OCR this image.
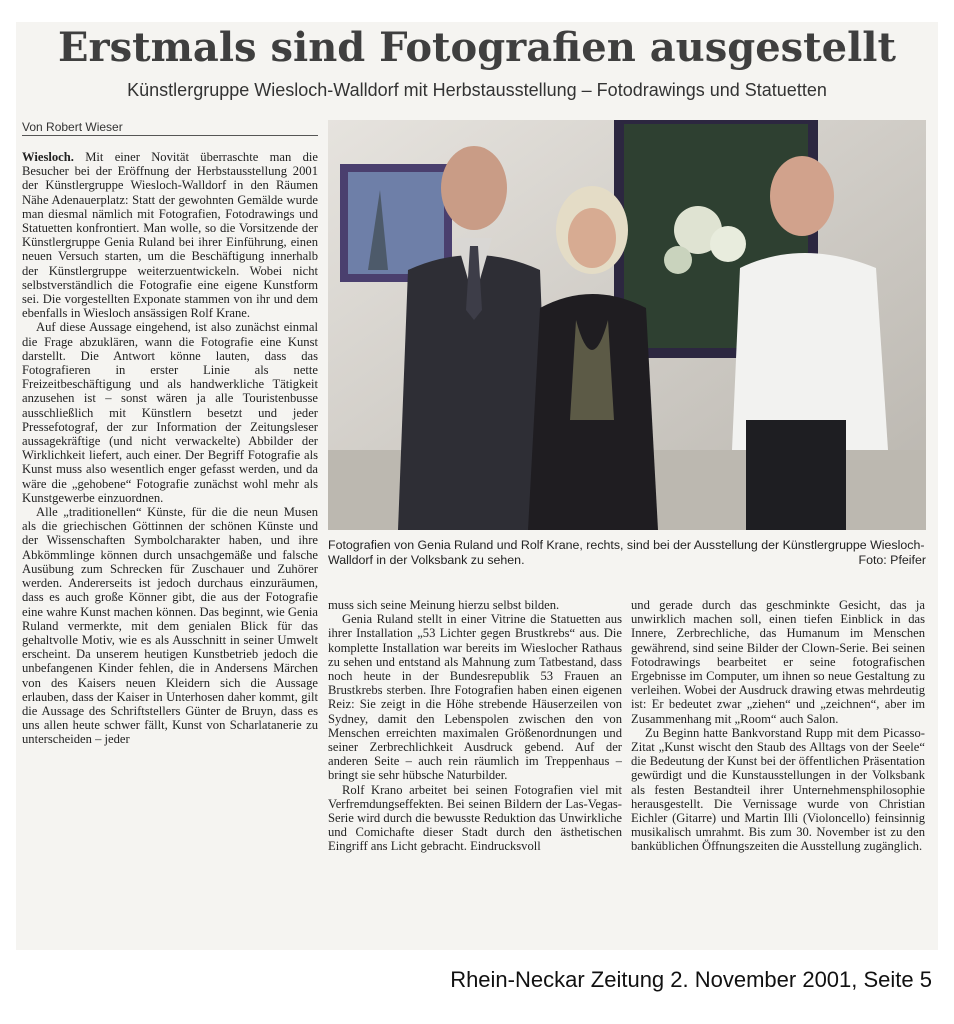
Erstmals sind Fotografien ausgestellt
Künstlergruppe Wiesloch-Walldorf mit Herbstausstellung – Fotodrawings und Statuetten
Von Robert Wieser

Wiesloch. Mit einer Novität überraschte man die Besucher bei der Eröffnung der Herbstausstellung 2001 der Künstlergruppe Wiesloch-Walldorf in den Räumen Nähe Adenauerplatz: Statt der gewohnten Gemälde wurde man diesmal nämlich mit Fotografien, Fotodrawings und Statuetten konfrontiert. Man wolle, so die Vorsitzende der Künstlergruppe Genia Ruland bei ihrer Einführung, einen neuen Versuch starten, um die Beschäftigung innerhalb der Künstlergruppe weiterzuentwickeln. Wobei nicht selbstverständlich die Fotografie eine eigene Kunstform sei. Die vorgestellten Exponate stammen von ihr und dem ebenfalls in Wiesloch ansässigen Rolf Krane.

Auf diese Aussage eingehend, ist also zunächst einmal die Frage abzuklären, wann die Fotografie eine Kunst darstellt. Die Antwort könne lauten, dass das Fotografieren in erster Linie als nette Freizeitbeschäftigung und als handwerkliche Tätigkeit anzusehen ist – sonst wären ja alle Touristenbusse ausschließlich mit Künstlern besetzt und jeder Pressefotograf, der zur Information der Zeitungsleser aussagekräftige (und nicht verwackelte) Abbilder der Wirklichkeit liefert, auch einer. Der Begriff Fotografie als Kunst muss also wesentlich enger gefasst werden, und da wäre die „gehobene“ Fotografie zunächst wohl mehr als Kunstgewerbe einzuordnen.

Alle „traditionellen“ Künste, für die die neun Musen als die griechischen Göttinnen der schönen Künste und der Wissenschaften Symbolcharakter haben, und ihre Abkömmlinge können durch unsachgemäße und falsche Ausübung zum Schrecken für Zuschauer und Zuhörer werden. Andererseits ist jedoch durchaus einzuräumen, dass es auch große Könner gibt, die aus der Fotografie eine wahre Kunst machen können. Das beginnt, wie Genia Ruland vermerkte, mit dem genialen Blick für das gehaltvolle Motiv, wie es als Ausschnitt in seiner Umwelt erscheint. Da unserem heutigen Kunstbetrieb jedoch die unbefangenen Kinder fehlen, die in Andersens Märchen von des Kaisers neuen Kleidern sich die Aussage erlauben, dass der Kaiser in Unterhosen daher kommt, gilt die Aussage des Schriftstellers Günter de Bruyn, dass es uns allen heute schwer fällt, Kunst von Scharlatanerie zu unterscheiden – jeder

Fotografien von Genia Ruland und Rolf Krane, rechts, sind bei der Ausstellung der Künstlergruppe Wiesloch-Walldorf in der Volksbank zu sehen.	Foto: Pfeifer

muss sich seine Meinung hierzu selbst bilden.

Genia Ruland stellt in einer Vitrine die Statuetten aus ihrer Installation „53 Lichter gegen Brustkrebs“ aus. Die komplette Installation war bereits im Wieslocher Rathaus zu sehen und entstand als Mahnung zum Tatbestand, dass noch heute in der Bundesrepublik 53 Frauen an Brustkrebs sterben. Ihre Fotografien haben einen eigenen Reiz: Sie zeigt in die Höhe strebende Häuserzeilen von Sydney, damit den Lebenspolen zwischen den von Menschen erreichten maximalen Größenordnungen und seiner Zerbrechlichkeit Ausdruck gebend. Auf der anderen Seite – auch rein räumlich im Treppenhaus – bringt sie sehr hübsche Naturbilder.

Rolf Krano arbeitet bei seinen Fotografien viel mit Verfremdungseffekten. Bei seinen Bildern der Las-Vegas-Serie wird durch die bewusste Reduktion das Unwirkliche und Comichafte dieser Stadt durch den ästhetischen Eingriff ans Licht gebracht. Eindrucksvoll

und gerade durch das geschminkte Gesicht, das ja unwirklich machen soll, einen tiefen Einblick in das Innere, Zerbrechliche, das Humanum im Menschen gewährend, sind seine Bilder der Clown-Serie. Bei seinen Fotodrawings bearbeitet er seine fotografischen Ergebnisse im Computer, um ihnen so neue Gestaltung zu verleihen. Wobei der Ausdruck drawing etwas mehrdeutig ist: Er bedeutet zwar „ziehen“ und „zeichnen“, aber im Zusammenhang mit „Room“ auch Salon.

Zu Beginn hatte Bankvorstand Rupp mit dem Picasso-Zitat „Kunst wischt den Staub des Alltags von der Seele“ die Bedeutung der Kunst bei der öffentlichen Präsentation gewürdigt und die Kunstausstellungen in der Volksbank als festen Bestandteil ihrer Unternehmensphilosophie herausgestellt. Die Vernissage wurde von Christian Eichler (Gitarre) und Martin Illi (Violoncello) feinsinnig musikalisch umrahmt. Bis zum 30. November ist zu den banküblichen Öffnungszeiten die Ausstellung zugänglich.

Rhein-Neckar Zeitung 2. November 2001, Seite 5
